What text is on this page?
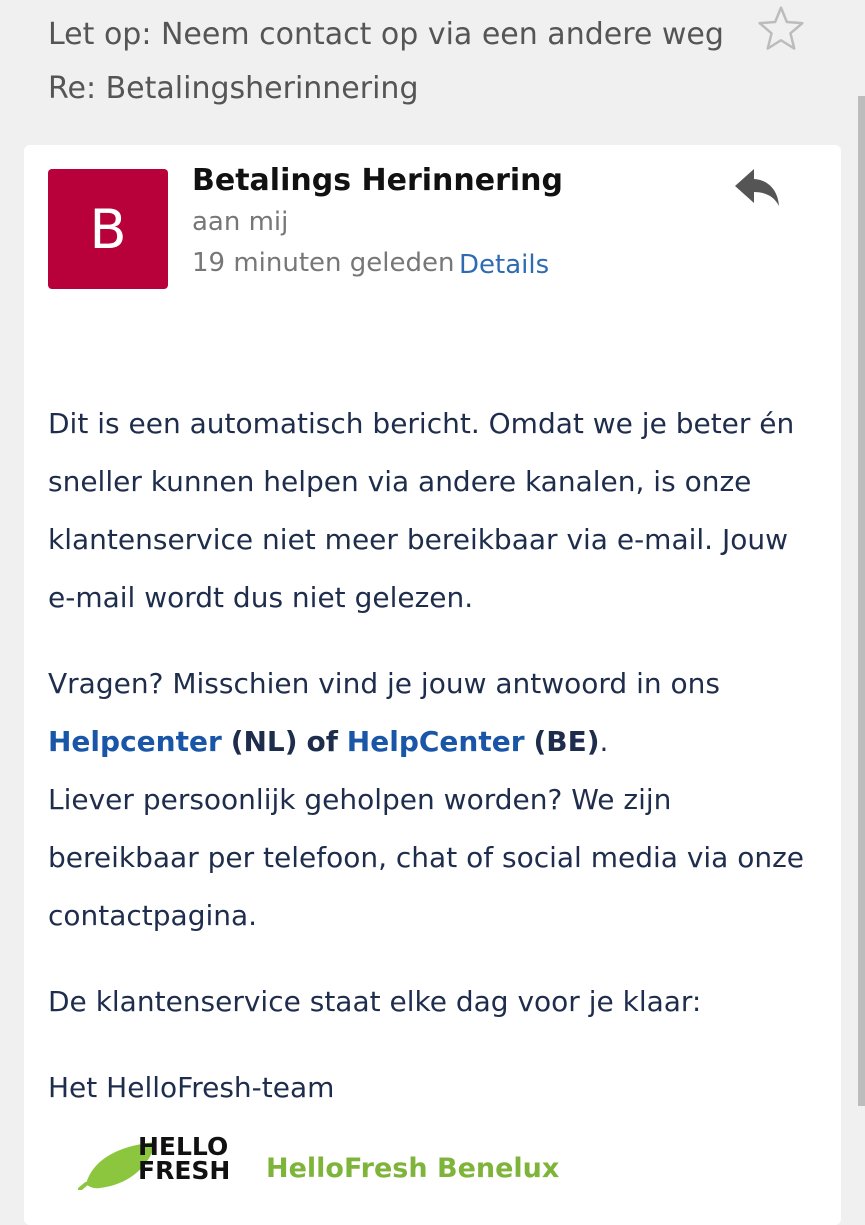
Let op: Neem contact op via een andere weg
Re: Betalingsherinnering
B
Betalings Herinnering
aan mij
19 minuten geleden Details

Dit is een automatisch bericht. Omdat we je beter én sneller kunnen helpen via andere kanalen, is onze klantenservice niet meer bereikbaar via e-mail. Jouw e-mail wordt dus niet gelezen.

Vragen? Misschien vind je jouw antwoord in ons Helpcenter (NL) of HelpCenter (BE).
Liever persoonlijk geholpen worden? We zijn bereikbaar per telefoon, chat of social media via onze contactpagina.

De klantenservice staat elke dag voor je klaar:

Het HelloFresh-team

HELLO
FRESH HelloFresh Benelux
